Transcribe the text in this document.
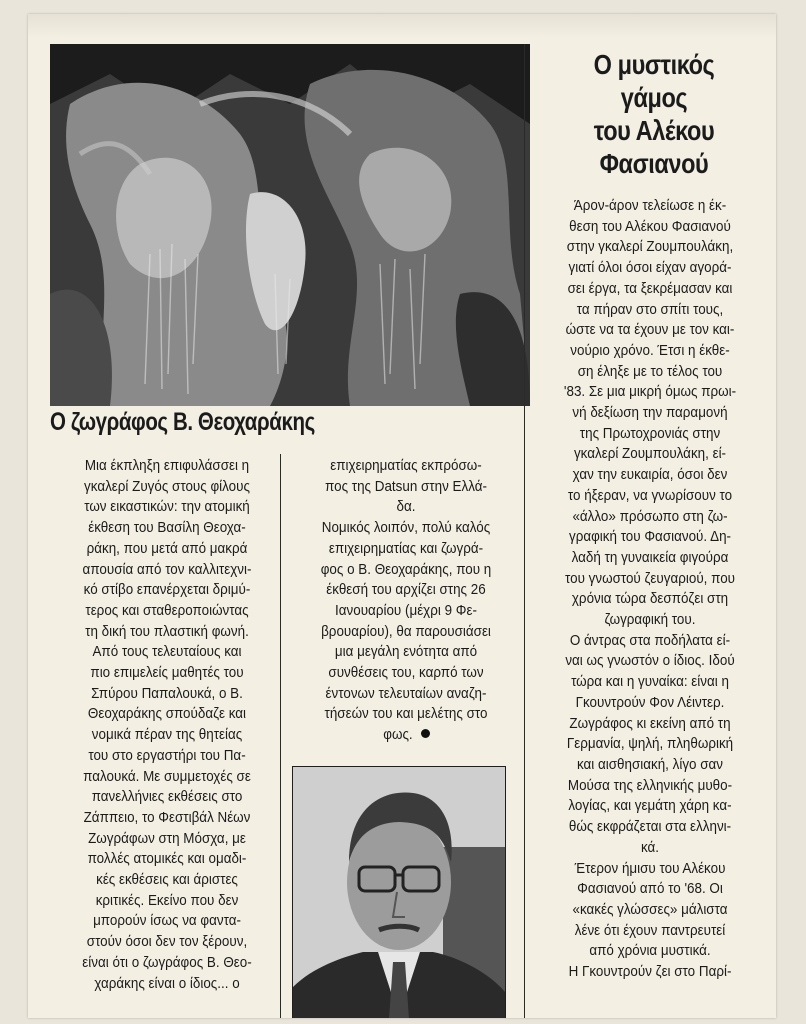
Ο ζωγράφος Β. Θεοχαράκης
Μια έκπληξη επιφυλάσσει η
γκαλερί Ζυγός στους φίλους
των εικαστικών: την ατομική
έκθεση του Βασίλη Θεοχα-
ράκη, που μετά από μακρά
απουσία από τον καλλιτεχνι-
κό στίβο επανέρχεται δριμύ-
τερος και σταθεροποιώντας
τη δική του πλαστική φωνή.
Από τους τελευταίους και
πιο επιμελείς μαθητές του
Σπύρου Παπαλουκά, ο Β.
Θεοχαράκης σπούδαζε και
νομικά πέραν της θητείας
του στο εργαστήρι του Πα-
παλουκά. Με συμμετοχές σε
πανελλήνιες εκθέσεις στο
Ζάππειο, το Φεστιβάλ Νέων
Ζωγράφων στη Μόσχα, με
πολλές ατομικές και ομαδι-
κές εκθέσεις και άριστες
κριτικές. Εκείνο που δεν
μπορούν ίσως να φαντα-
στούν όσοι δεν τον ξέρουν,
είναι ότι ο ζωγράφος Β. Θεο-
χαράκης είναι ο ίδιος... ο
επιχειρηματίας εκπρόσω-
πος της Datsun στην Ελλά-
δα.
Νομικός λοιπόν, πολύ καλός
επιχειρηματίας και ζωγρά-
φος ο Β. Θεοχαράκης, που η
έκθεσή του αρχίζει στης 26
Ιανουαρίου (μέχρι 9 Φε-
βρουαρίου), θα παρουσιάσει
μια μεγάλη ενότητα από
συνθέσεις του, καρπό των
έντονων τελευταίων αναζη-
τήσεών του και μελέτης στο
φως.
Ο μυστικός
γάμος
του Αλέκου
Φασιανού
Άρον-άρον τελείωσε η έκ-
θεση του Αλέκου Φασιανού
στην γκαλερί Ζουμπουλάκη,
γιατί όλοι όσοι είχαν αγορά-
σει έργα, τα ξεκρέμασαν και
τα πήραν στο σπίτι τους,
ώστε να τα έχουν με τον και-
νούριο χρόνο. Έτσι η έκθε-
ση έληξε με το τέλος του
'83. Σε μια μικρή όμως πρωι-
νή δεξίωση την παραμονή
της Πρωτοχρονιάς στην
γκαλερί Ζουμπουλάκη, εί-
χαν την ευκαιρία, όσοι δεν
το ήξεραν, να γνωρίσουν το
«άλλο» πρόσωπο στη ζω-
γραφική του Φασιανού. Δη-
λαδή τη γυναικεία φιγούρα
του γνωστού ζευγαριού, που
χρόνια τώρα δεσπόζει στη
ζωγραφική του.
Ο άντρας στα ποδήλατα εί-
ναι ως γνωστόν ο ίδιος. Ιδού
τώρα και η γυναίκα: είναι η
Γκουντρούν Φον Λέιντερ.
Ζωγράφος κι εκείνη από τη
Γερμανία, ψηλή, πληθωρική
και αισθησιακή, λίγο σαν
Μούσα της ελληνικής μυθο-
λογίας, και γεμάτη χάρη κα-
θώς εκφράζεται στα ελληνι-
κά.
Έτερον ήμισυ του Αλέκου
Φασιανού από το '68. Οι
«κακές γλώσσες» μάλιστα
λένε ότι έχουν παντρευτεί
από χρόνια μυστικά.
Η Γκουντρούν ζει στο Παρί-
